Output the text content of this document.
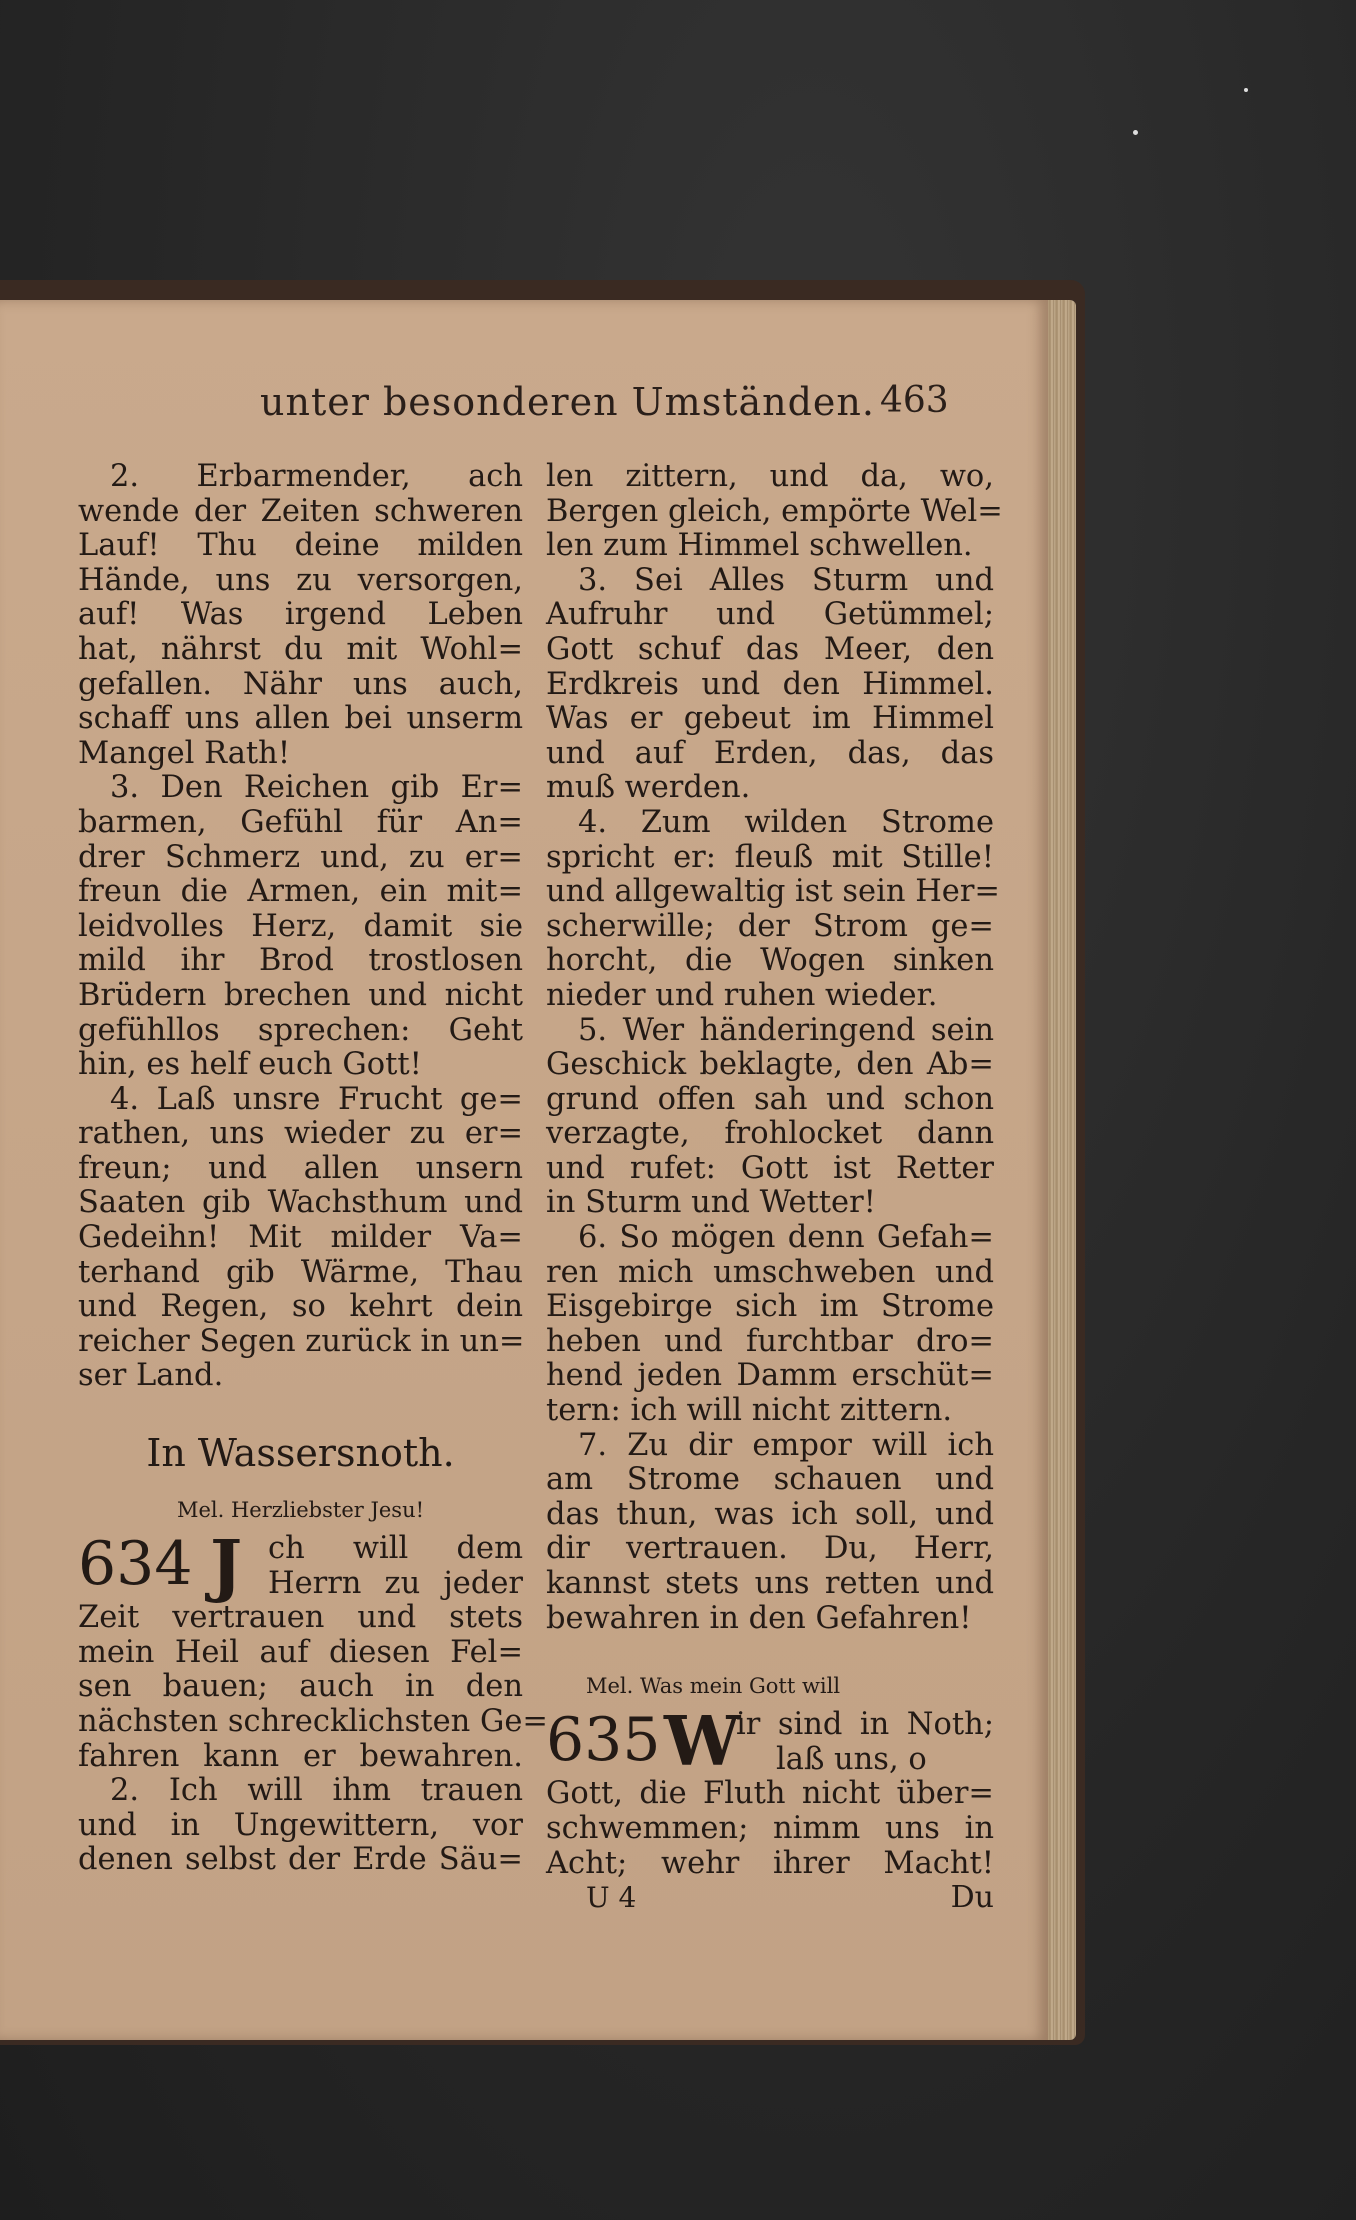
unter besonderen Umständen. 463
2. Erbarmender, ach
wende der Zeiten schweren
Lauf! Thu deine milden
Hände, uns zu versorgen,
auf! Was irgend Leben
hat, nährst du mit Wohl=
gefallen. Nähr uns auch,
schaff uns allen bei unserm
Mangel Rath!
3. Den Reichen gib Er=
barmen, Gefühl für An=
drer Schmerz und, zu er=
freun die Armen, ein mit=
leidvolles Herz, damit sie
mild ihr Brod trostlosen
Brüdern brechen und nicht
gefühllos sprechen: Geht
hin, es helf euch Gott!
4. Laß unsre Frucht ge=
rathen, uns wieder zu er=
freun; und allen unsern
Saaten gib Wachsthum und
Gedeihn! Mit milder Va=
terhand gib Wärme, Thau
und Regen, so kehrt dein
reicher Segen zurück in un=
ser Land.
In Wassersnoth.
Mel. Herzliebster Jesu!
634 J ch will dem
Herrn zu jeder
Zeit vertrauen und stets
mein Heil auf diesen Fel=
sen bauen; auch in den
nächsten schrecklichsten Ge=
fahren kann er bewahren.
2. Ich will ihm trauen
und in Ungewittern, vor
denen selbst der Erde Säu=
len zittern, und da, wo,
Bergen gleich, empörte Wel=
len zum Himmel schwellen.
3. Sei Alles Sturm und
Aufruhr und Getümmel;
Gott schuf das Meer, den
Erdkreis und den Himmel.
Was er gebeut im Himmel
und auf Erden, das, das
muß werden.
4. Zum wilden Strome
spricht er: fleuß mit Stille!
und allgewaltig ist sein Her=
scherwille; der Strom ge=
horcht, die Wogen sinken
nieder und ruhen wieder.
5. Wer händeringend sein
Geschick beklagte, den Ab=
grund offen sah und schon
verzagte, frohlocket dann
und rufet: Gott ist Retter
in Sturm und Wetter!
6. So mögen denn Gefah=
ren mich umschweben und
Eisgebirge sich im Strome
heben und furchtbar dro=
hend jeden Damm erschüt=
tern: ich will nicht zittern.
7. Zu dir empor will ich
am Strome schauen und
das thun, was ich soll, und
dir vertrauen. Du, Herr,
kannst stets uns retten und
bewahren in den Gefahren!
Mel. Was mein Gott will
635 W
ir sind in Noth;
laß uns, o
Gott, die Fluth nicht über=
schwemmen; nimm uns in
Acht; wehr ihrer Macht!
U 4	Du
